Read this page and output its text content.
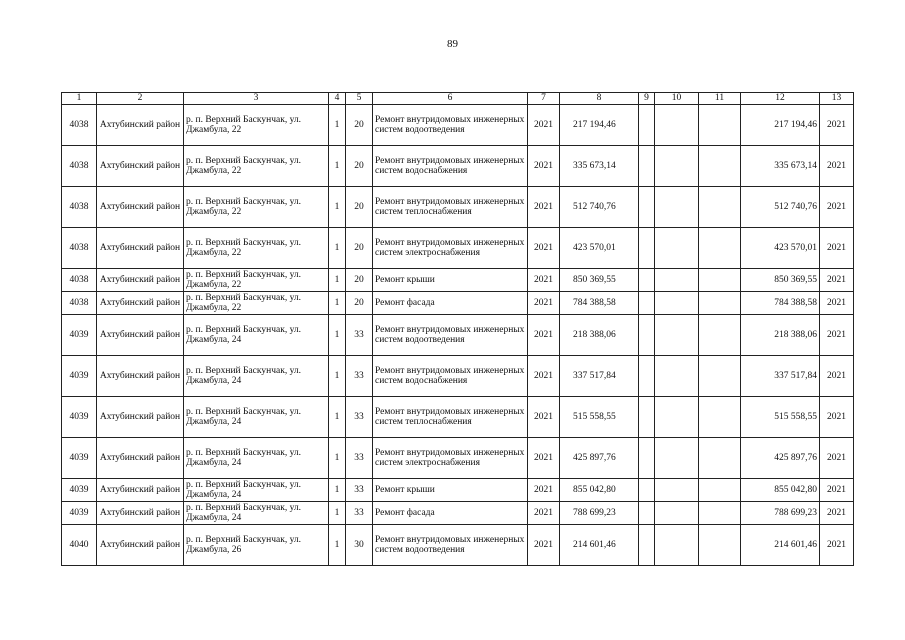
89
1	2	3	4	5	6	7	8	9	10	11	12	13
4038	Ахтубинский район	р. п. Верхний Баскунчак, ул. Джамбула, 22	1	20	Ремонт внутридомовых инженерных систем водоотведения	2021	217 194,46				217 194,46	2021
4038	Ахтубинский район	р. п. Верхний Баскунчак, ул. Джамбула, 22	1	20	Ремонт внутридомовых инженерных систем водоснабжения	2021	335 673,14				335 673,14	2021
4038	Ахтубинский район	р. п. Верхний Баскунчак, ул. Джамбула, 22	1	20	Ремонт внутридомовых инженерных систем теплоснабжения	2021	512 740,76				512 740,76	2021
4038	Ахтубинский район	р. п. Верхний Баскунчак, ул. Джамбула, 22	1	20	Ремонт внутридомовых инженерных систем электроснабжения	2021	423 570,01				423 570,01	2021
4038	Ахтубинский район	р. п. Верхний Баскунчак, ул. Джамбула, 22	1	20	Ремонт крыши	2021	850 369,55				850 369,55	2021
4038	Ахтубинский район	р. п. Верхний Баскунчак, ул. Джамбула, 22	1	20	Ремонт фасада	2021	784 388,58				784 388,58	2021
4039	Ахтубинский район	р. п. Верхний Баскунчак, ул. Джамбула, 24	1	33	Ремонт внутридомовых инженерных систем водоотведения	2021	218 388,06				218 388,06	2021
4039	Ахтубинский район	р. п. Верхний Баскунчак, ул. Джамбула, 24	1	33	Ремонт внутридомовых инженерных систем водоснабжения	2021	337 517,84				337 517,84	2021
4039	Ахтубинский район	р. п. Верхний Баскунчак, ул. Джамбула, 24	1	33	Ремонт внутридомовых инженерных систем теплоснабжения	2021	515 558,55				515 558,55	2021
4039	Ахтубинский район	р. п. Верхний Баскунчак, ул. Джамбула, 24	1	33	Ремонт внутридомовых инженерных систем электроснабжения	2021	425 897,76				425 897,76	2021
4039	Ахтубинский район	р. п. Верхний Баскунчак, ул. Джамбула, 24	1	33	Ремонт крыши	2021	855 042,80				855 042,80	2021
4039	Ахтубинский район	р. п. Верхний Баскунчак, ул. Джамбула, 24	1	33	Ремонт фасада	2021	788 699,23				788 699,23	2021
4040	Ахтубинский район	р. п. Верхний Баскунчак, ул. Джамбула, 26	1	30	Ремонт внутридомовых инженерных систем водоотведения	2021	214 601,46				214 601,46	2021
